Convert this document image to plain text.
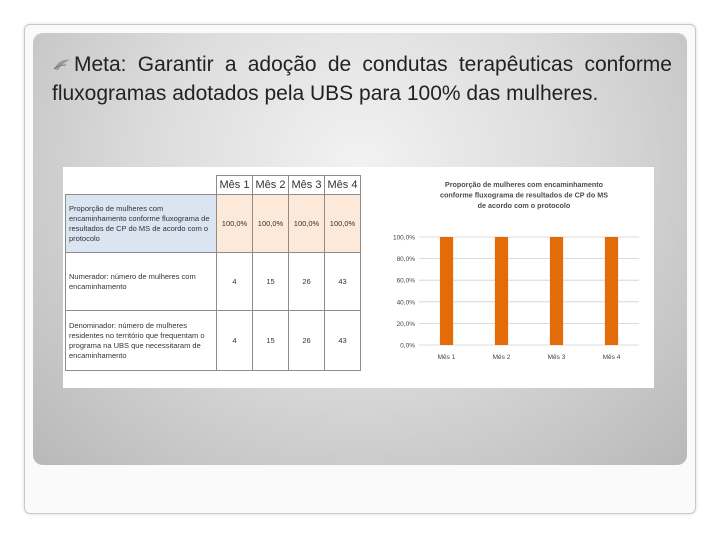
Meta: Garantir a adoção de condutas terapêuticas conforme fluxogramas adotados pela UBS para 100% das mulheres.
	Mês 1	Mês 2	Mês 3	Mês 4
Proporção de mulheres com encaminhamento conforme fluxograma de resultados de CP do MS de acordo com o protocolo	100,0%	100,0%	100,0%	100,0%
Numerador: número de mulheres com encaminhamento	4	15	26	43
Denominador: número de mulheres residentes no território que frequentam o programa na UBS que necessitaram de encaminhamento	4	15	26	43
Proporção de mulheres com encaminhamento conforme fluxograma de resultados de CP do MS de acordo com o protocolo
0,0%
20,0%
40,0%
60,0%
80,0%
100,0%
Mês 1	Mês 2	Mês 3	Mês 4
